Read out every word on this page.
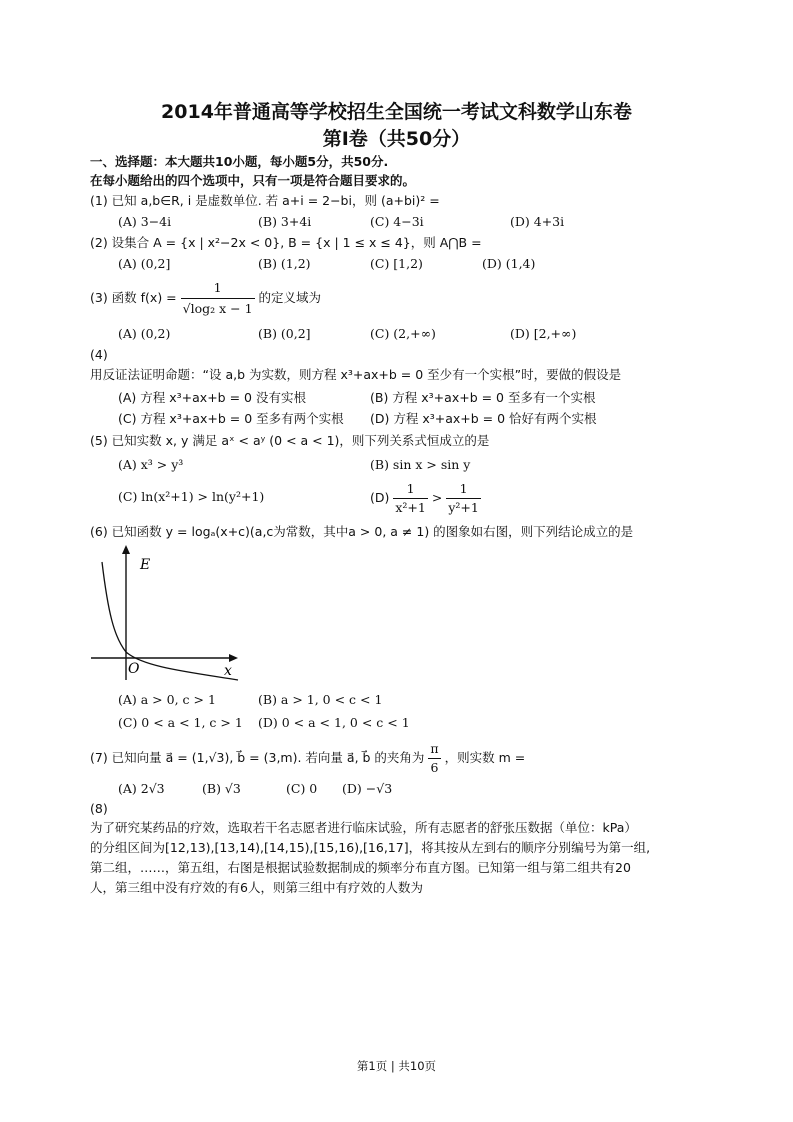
2014年普通高等学校招生全国统一考试文科数学山东卷
第Ⅰ卷（共50分）
一、选择题：本大题共10小题，每小题5分，共50分.
在每小题给出的四个选项中，只有一项是符合题目要求的。
(1) 已知 a,b∈R, i 是虚数单位. 若 a+i = 2−bi，则 (a+bi)² =
(A) 3−4i	(B) 3+4i	(C) 4−3i	(D) 4+3i
(2) 设集合 A = {x | x²−2x < 0}, B = {x | 1 ≤ x ≤ 4}，则 A⋂B =
(A) (0,2]	(B) (1,2)	(C) [1,2)	(D) (1,4)
(3) 函数 $f(x) = \frac{1}{\text{√log₂ x − 1}}$ 的定义域为
(A) (0,2)	(B) (0,2]	(C) (2,+∞)	(D) [2,+∞)
(4)
用反证法证明命题：“设 a,b 为实数，则方程 x³+ax+b = 0 至少有一个实根”时，要做的假设是
(A) 方程 x³+ax+b = 0 没有实根	(B) 方程 x³+ax+b = 0 至多有一个实根
(C) 方程 x³+ax+b = 0 至多有两个实根 (D) 方程 x³+ax+b = 0 恰好有两个实根
(5) 已知实数 x, y 满足 aˣ < aʸ (0 < a < 1)，则下列关系式恒成立的是
(A) x³ > y³	(B) sin x > sin y
(C) ln(x²+1) > ln(y²+1)	$(D) \frac{1}{\text{x²+1}} > \frac{1}{\text{y²+1}}$
(6) 已知函数 y = logₐ(x+c)(a,c为常数，其中a > 0, a ≠ 1) 的图象如右图，则下列结论成立的是
E
x
O
(A) a > 0, c > 1	(B) a > 1, 0 < c < 1
(C) 0 < a < 1, c > 1 (D) 0 < a < 1, 0 < c < 1
(7) 已知向量 a⃗ = (1,√3), b⃗ = (3,m). 若向量 a⃗, b⃗ 的夹角为 $\frac{\pi}{6}$ ，则实数 m =
(A) 2√3	(B) √3	(C) 0 (D) −√3
(8)
为了研究某药品的疗效，选取若干名志愿者进行临床试验，所有志愿者的舒张压数据（单位：kPa）
的分组区间为[12,13),[13,14),[14,15),[15,16),[16,17]，将其按从左到右的顺序分别编号为第一组,
第二组，……，第五组，右图是根据试验数据制成的频率分布直方图。已知第一组与第二组共有20
人，第三组中没有疗效的有6人，则第三组中有疗效的人数为
第1页 | 共10页
